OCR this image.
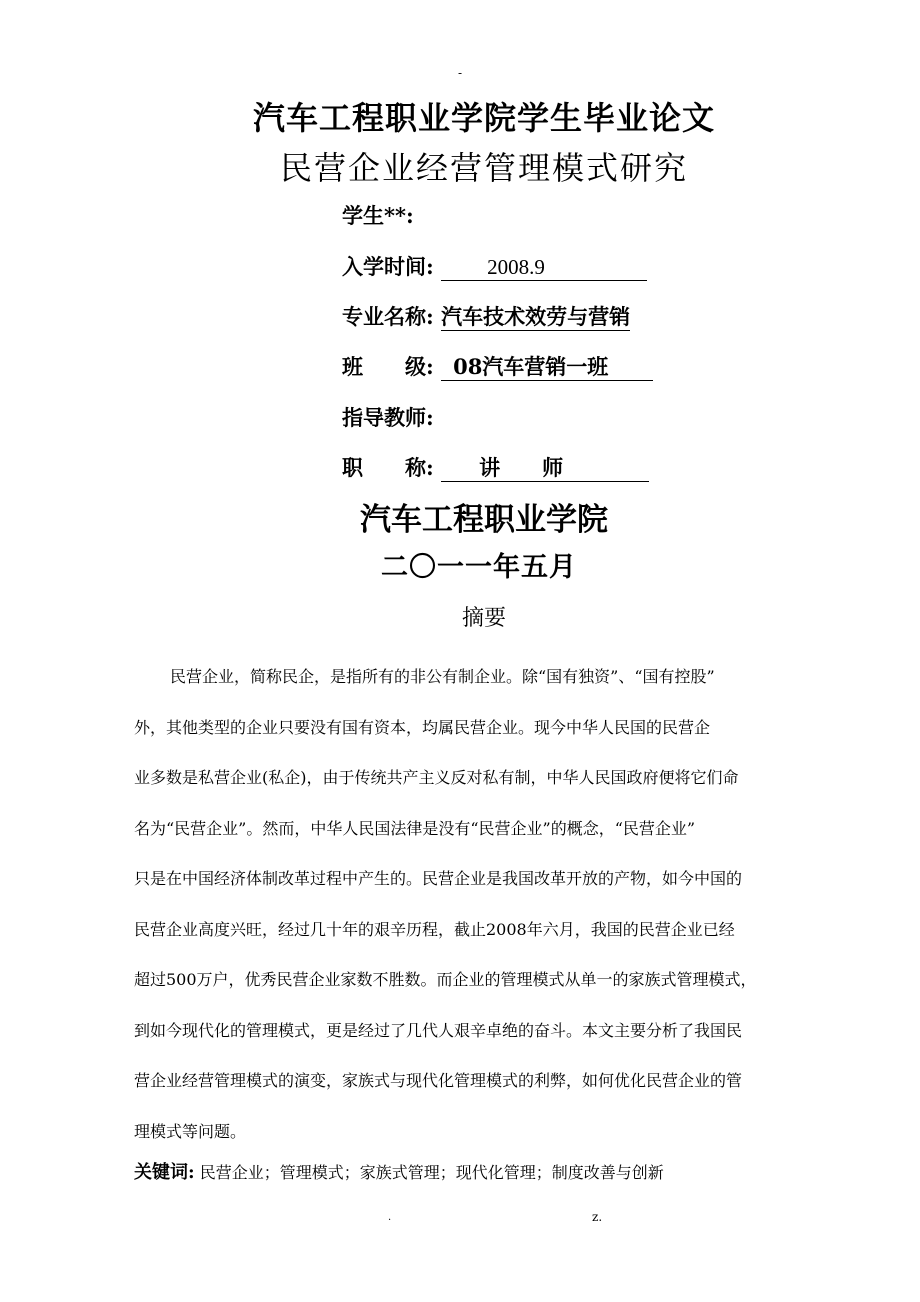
-
汽车工程职业学院学生毕业论文
民营企业经营管理模式研究
学生**:
入学时间:	2008.9
专业名称: 汽车技术效劳与营销
班　　级: 08汽车营销一班
指导教师:
职　　称: 讲　　师
汽车工程职业学院
二〇一一年五月
摘要
民营企业，简称民企，是指所有的非公有制企业。除“国有独资”、“国有控股”
外，其他类型的企业只要没有国有资本，均属民营企业。现今中华人民国的民营企
业多数是私营企业(私企)，由于传统共产主义反对私有制，中华人民国政府便将它们命
名为“民营企业”。然而，中华人民国法律是没有“民营企业”的概念，“民营企业”
只是在中国经济体制改革过程中产生的。民营企业是我国改革开放的产物，如今中国的
民营企业高度兴旺，经过几十年的艰辛历程，截止2008年六月，我国的民营企业已经
超过500万户，优秀民营企业家数不胜数。而企业的管理模式从单一的家族式管理模式，
到如今现代化的管理模式，更是经过了几代人艰辛卓绝的奋斗。本文主要分析了我国民
营企业经营管理模式的演变，家族式与现代化管理模式的利弊，如何优化民营企业的管
理模式等问题。
关键词: 民营企业；管理模式；家族式管理；现代化管理；制度改善与创新
.	z.
